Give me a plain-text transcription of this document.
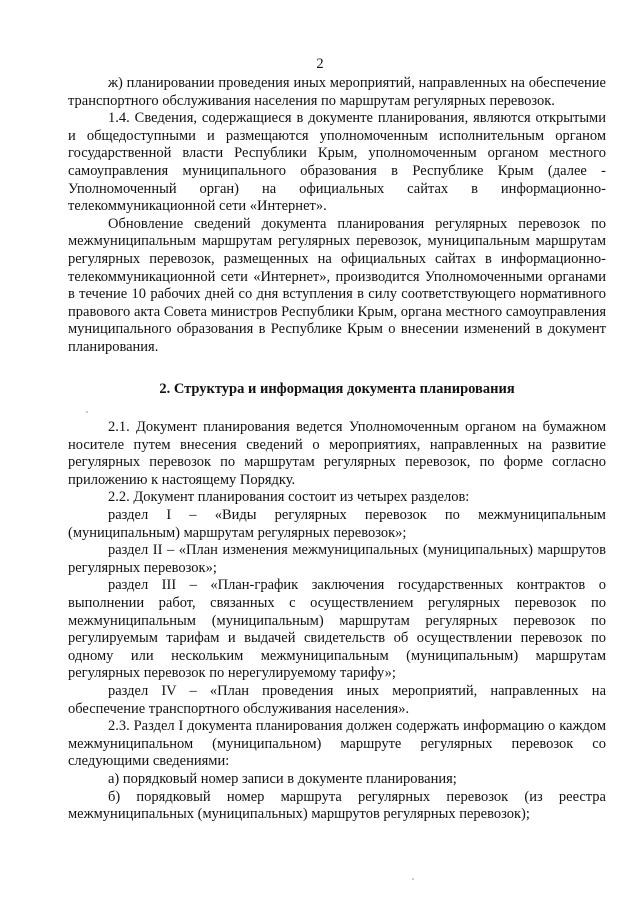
2

ж) планировании проведения иных мероприятий, направленных на обеспечение транспортного обслуживания населения по маршрутам регулярных перевозок.

1.4. Сведения, содержащиеся в документе планирования, являются открытыми и общедоступными и размещаются уполномоченным исполнительным органом государственной власти Республики Крым, уполномоченным органом местного самоуправления муниципального образования в Республике Крым (далее - Уполномоченный орган) на официальных сайтах в информационно-телекоммуникационной сети «Интернет».

Обновление сведений документа планирования регулярных перевозок по межмуниципальным маршрутам регулярных перевозок, муниципальным маршрутам регулярных перевозок, размещенных на официальных сайтах в информационно-телекоммуникационной сети «Интернет», производится Уполномоченными органами в течение 10 рабочих дней со дня вступления в силу соответствующего нормативного правового акта Совета министров Республики Крым, органа местного самоуправления муниципального образования в Республике Крым о внесении изменений в документ планирования.

2. Структура и информация документа планирования

2.1. Документ планирования ведется Уполномоченным органом на бумажном носителе путем внесения сведений о мероприятиях, направленных на развитие регулярных перевозок по маршрутам регулярных перевозок, по форме согласно приложению к настоящему Порядку.

2.2. Документ планирования состоит из четырех разделов:

раздел I – «Виды регулярных перевозок по межмуниципальным (муниципальным) маршрутам регулярных перевозок»;

раздел II – «План изменения межмуниципальных (муниципальных) маршрутов регулярных перевозок»;

раздел III – «План-график заключения государственных контрактов о выполнении работ, связанных с осуществлением регулярных перевозок по межмуниципальным (муниципальным) маршрутам регулярных перевозок по регулируемым тарифам и выдачей свидетельств об осуществлении перевозок по одному или нескольким межмуниципальным (муниципальным) маршрутам регулярных перевозок по нерегулируемому тарифу»;

раздел IV – «План проведения иных мероприятий, направленных на обеспечение транспортного обслуживания населения».

2.3. Раздел I документа планирования должен содержать информацию о каждом межмуниципальном (муниципальном) маршруте регулярных перевозок со следующими сведениями:

а) порядковый номер записи в документе планирования;

б) порядковый номер маршрута регулярных перевозок (из реестра межмуниципальных (муниципальных) маршрутов регулярных перевозок);
